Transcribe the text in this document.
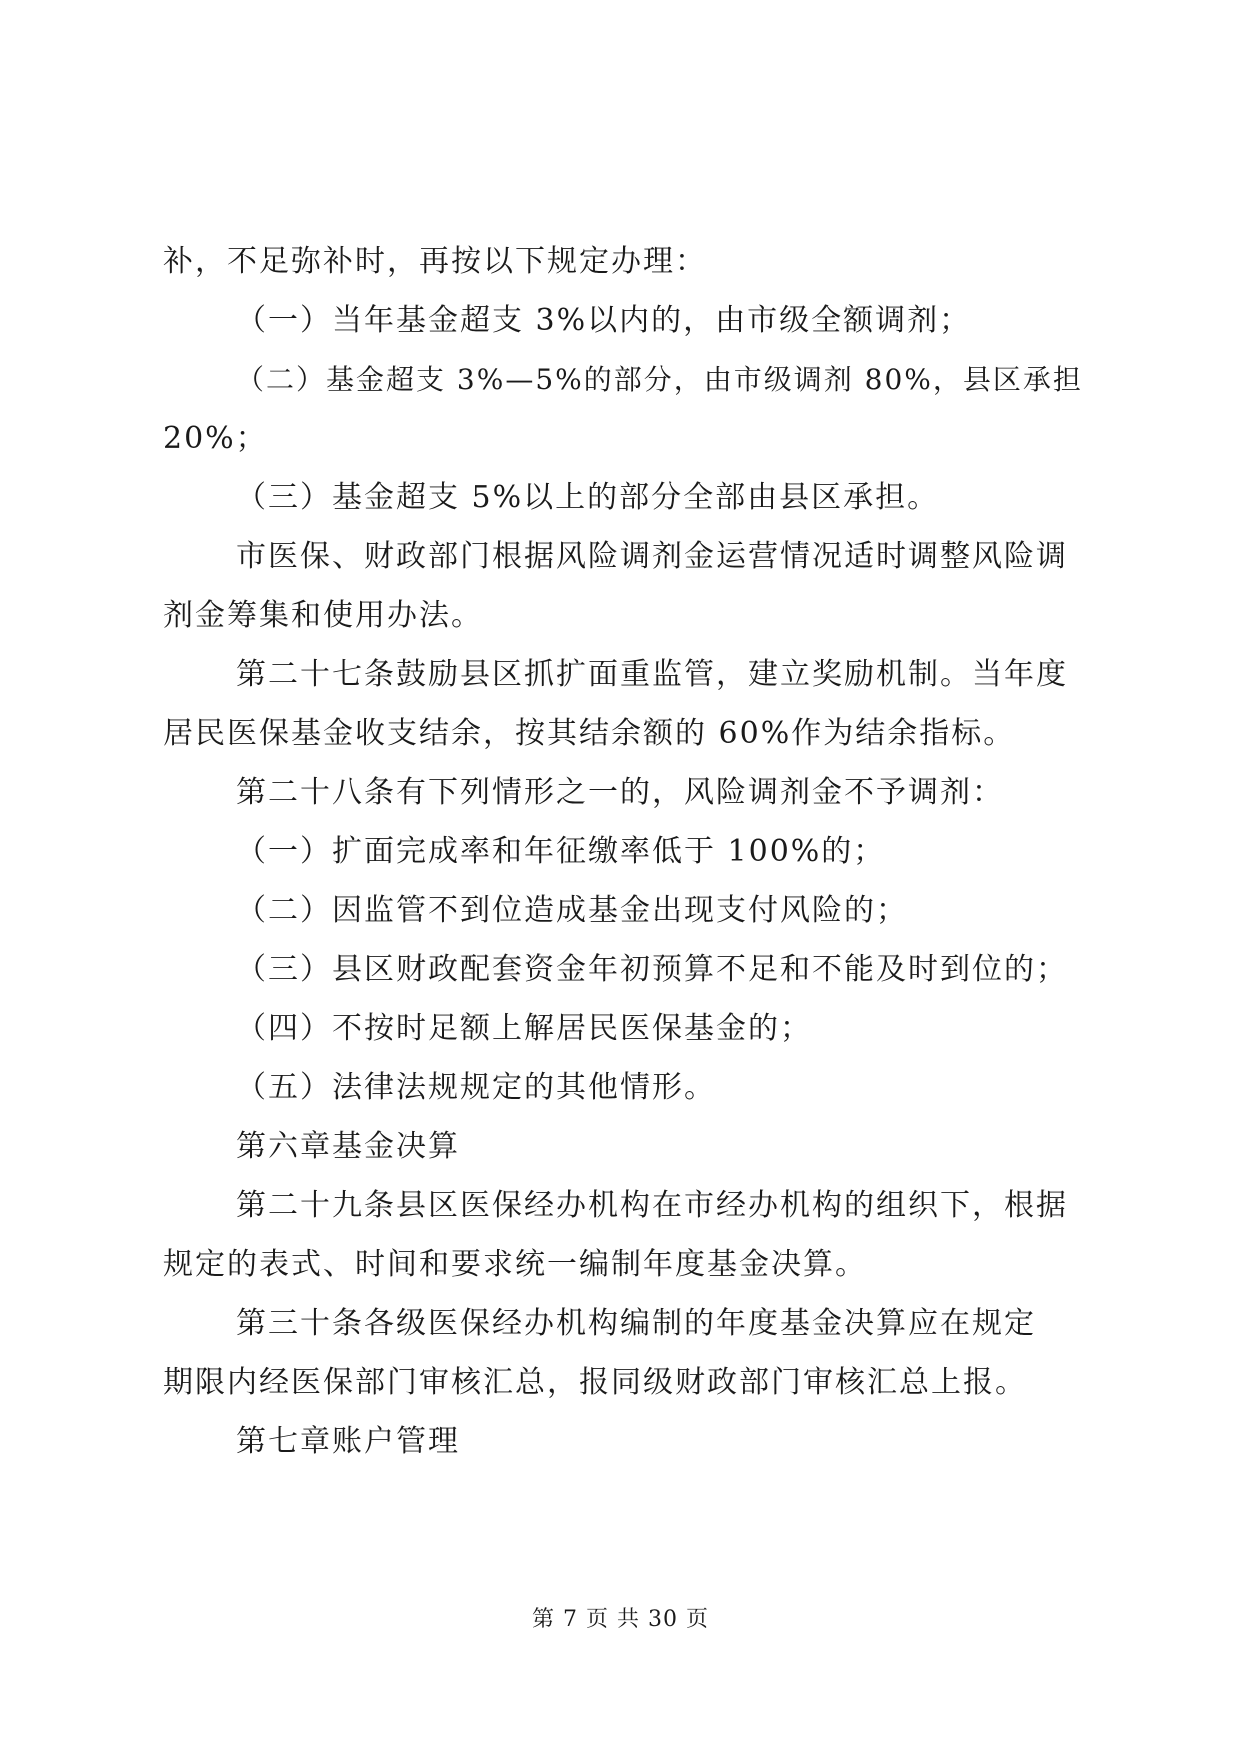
补，不足弥补时，再按以下规定办理：
（一）当年基金超支 3%以内的，由市级全额调剂；
（二）基金超支 3%—5%的部分，由市级调剂 80%，县区承担
20%；
（三）基金超支 5%以上的部分全部由县区承担。
市医保、财政部门根据风险调剂金运营情况适时调整风险调
剂金筹集和使用办法。
第二十七条鼓励县区抓扩面重监管，建立奖励机制。当年度
居民医保基金收支结余，按其结余额的 60%作为结余指标。
第二十八条有下列情形之一的，风险调剂金不予调剂：
（一）扩面完成率和年征缴率低于 100%的；
（二）因监管不到位造成基金出现支付风险的；
（三）县区财政配套资金年初预算不足和不能及时到位的；
（四）不按时足额上解居民医保基金的；
（五）法律法规规定的其他情形。
第六章基金决算
第二十九条县区医保经办机构在市经办机构的组织下，根据
规定的表式、时间和要求统一编制年度基金决算。
第三十条各级医保经办机构编制的年度基金决算应在规定
期限内经医保部门审核汇总，报同级财政部门审核汇总上报。
第七章账户管理
第 7 页 共 30 页
